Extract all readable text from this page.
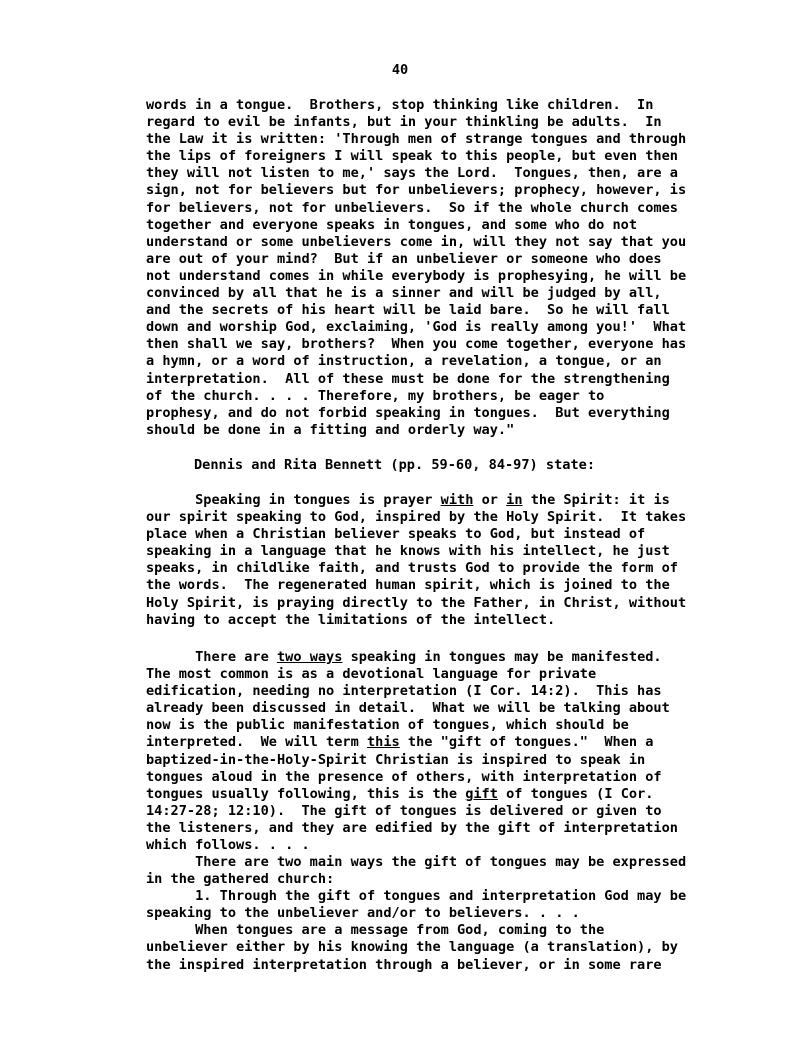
40
words in a tongue.  Brothers, stop thinking like children.  In
regard to evil be infants, but in your thinkling be adults.  In
the Law it is written: 'Through men of strange tongues and through
the lips of foreigners I will speak to this people, but even then
they will not listen to me,' says the Lord.  Tongues, then, are a
sign, not for believers but for unbelievers; prophecy, however, is
for believers, not for unbelievers.  So if the whole church comes
together and everyone speaks in tongues, and some who do not
understand or some unbelievers come in, will they not say that you
are out of your mind?  But if an unbeliever or someone who does
not understand comes in while everybody is prophesying, he will be
convinced by all that he is a sinner and will be judged by all,
and the secrets of his heart will be laid bare.  So he will fall
down and worship God, exclaiming, 'God is really among you!'  What
then shall we say, brothers?  When you come together, everyone has
a hymn, or a word of instruction, a revelation, a tongue, or an
interpretation.  All of these must be done for the strengthening
of the church. . . . Therefore, my brothers, be eager to
prophesy, and do not forbid speaking in tongues.  But everything
should be done in a fitting and orderly way."
Dennis and Rita Bennett (pp. 59-60, 84-97) state:
Speaking in tongues is prayer with or in the Spirit: it is
our spirit speaking to God, inspired by the Holy Spirit.  It takes
place when a Christian believer speaks to God, but instead of
speaking in a language that he knows with his intellect, he just
speaks, in childlike faith, and trusts God to provide the form of
the words.  The regenerated human spirit, which is joined to the
Holy Spirit, is praying directly to the Father, in Christ, without
having to accept the limitations of the intellect.
There are two ways speaking in tongues may be manifested.
The most common is as a devotional language for private
edification, needing no interpretation (I Cor. 14:2).  This has
already been discussed in detail.  What we will be talking about
now is the public manifestation of tongues, which should be
interpreted.  We will term this the "gift of tongues."  When a
baptized-in-the-Holy-Spirit Christian is inspired to speak in
tongues aloud in the presence of others, with interpretation of
tongues usually following, this is the gift of tongues (I Cor.
14:27-28; 12:10).  The gift of tongues is delivered or given to
the listeners, and they are edified by the gift of interpretation
which follows. . . .
There are two main ways the gift of tongues may be expressed
in the gathered church:
1. Through the gift of tongues and interpretation God may be
speaking to the unbeliever and/or to believers. . . .
When tongues are a message from God, coming to the
unbeliever either by his knowing the language (a translation), by
the inspired interpretation through a believer, or in some rare
